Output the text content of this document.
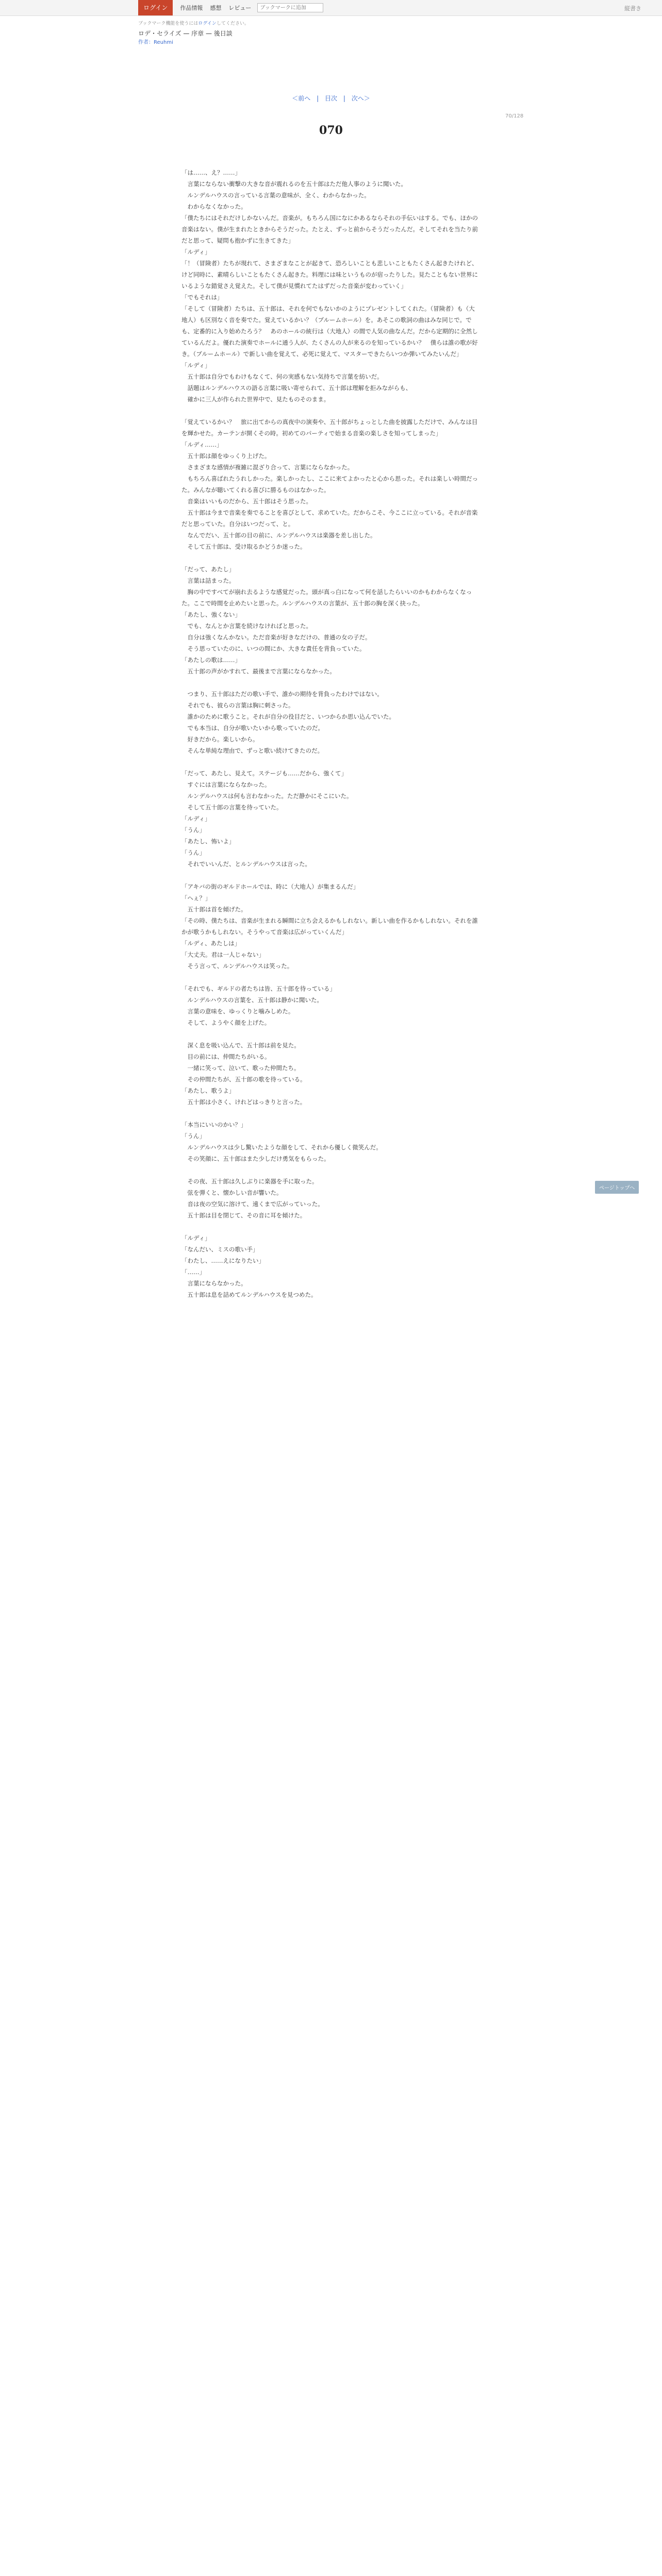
ログイン	作品情報 感想 レビュー
ブックマークに追加	縦書き
ブックマーク機能を使うにはログインしてください。
ロデ・セライズ — 序章 — 後日談
作者：Reuhmi
＜前へ | 目次 | 次へ＞
70/128
070

「は……、え？……」

　言葉にならない衝撃の大きな音が震れるのを五十郎はただ他人事のように聞いた。

　ルンデルハウスの言っている言葉の意味が、全く、わからなかった。

　わからなくなかった。

「僕たちにはそれだけしかないんだ。音楽が。もちろん国になにかあるならそれの手伝いはする。でも、ほかの音楽はない。僕が生まれたときからそうだった。たとえ、ずっと前からそうだったんだ。そしてそれを当たり前だと思って、疑問も抱かずに生きてきた」

「ルディ」

「！（冒険者）たちが現れて、さまざまなことが起きて、恐ろしいことも悲しいこともたくさん起きたけれど、けど同時に、素晴らしいこともたくさん起きた。料理には味というものが宿ったりした。見たこともない世界にいるような錯覚さえ覚えた。そして僕が見慣れてたはずだった音楽が変わっていく」

「でもそれは」

「そして（冒険者）たちは、五十郎は、それを何でもないかのようにプレゼントしてくれた。（冒険者）も（大地人）も区別なく音を奏でた。覚えているかい？（ブルームホール）を。あそこの歌詞の曲はみな同じで。でも、定番的に入り始めたろう？　あのホールの統行は（大地人）の間で人気の曲なんだ。だから定期的に全然しているんだよ。優れた演奏でホールに通う人が、たくさんの人が来るのを知っているかい？　僕らは誰の歌が好き。（ブルームホール）で新しい曲を覚えて、必死に覚えて、マスターできたらいつか弾いてみたいんだ」

「ルディ」

　五十郎は自分でもわけもなくて、何の実感もない気持ちで言葉を紡いだ。

　話題はルンデルハウスの語る言葉に吸い寄せられて、五十郎は理解を拒みながらも、

　確かに三人が作られた世界中で、見たものそのまま。

「覚えているかい？　旅に出てからの真夜中の演奏や、五十郎がちょっとした曲を披露しただけで、みんなは目を輝かせた。カーテンが開くその時。初めてのパーティで始まる音楽の楽しさを知ってしまった」

「ルディ……」

　五十郎は顔をゆっくり上げた。

　さまざまな感情が複雑に混ざり合って、言葉にならなかった。

　もちろん喜ばれたうれしかった。楽しかったし、ここに来てよかったと心から思った。それは楽しい時間だった。みんなが聴いてくれる喜びに勝るものはなかった。

　音楽はいいものだから、五十郎はそう思った。

　五十郎は今まで音楽を奏でることを喜びとして、求めていた。だからこそ、今ここに立っている。それが音楽だと思っていた。自分はいつだって、と。

　なんでだい、五十郎の目の前に、ルンデルハウスは楽器を差し出した。

　そして五十郎は、受け取るかどうか迷った。

「だって、あたし」

　言葉は詰まった。

　胸の中ですべてが崩れ去るような感覚だった。頭が真っ白になって何を話したらいいのかもわからなくなった。ここで時間を止めたいと思った。ルンデルハウスの言葉が、五十郎の胸を深く抉った。

「あたし、強くない」

　でも、なんとか言葉を続けなければと思った。

　自分は強くなんかない。ただ音楽が好きなだけの、普通の女の子だ。

　そう思っていたのに、いつの間にか、大きな責任を背負っていた。

「あたしの歌は……」

　五十郎の声がかすれて、最後まで言葉にならなかった。

　つまり、五十郎はただの歌い手で、誰かの期待を背負ったわけではない。

　それでも、彼らの言葉は胸に刺さった。

　誰かのために歌うこと。それが自分の役目だと、いつからか思い込んでいた。

　でも本当は、自分が歌いたいから歌っていたのだ。

　好きだから。楽しいから。

　そんな単純な理由で、ずっと歌い続けてきたのだ。

「だって、あたし、見えて。ステージも……だから、強くて」

　すぐには言葉にならなかった。

　ルンデルハウスは何も言わなかった。ただ静かにそこにいた。

　そして五十郎の言葉を待っていた。

「ルディ」

「うん」

「あたし、怖いよ」

「うん」

　それでいいんだ、とルンデルハウスは言った。

「アキバの街のギルドホールでは、時に（大地人）が集まるんだ」

「へぇ？」

　五十郎は首を傾げた。

「その時、僕たちは、音楽が生まれる瞬間に立ち会えるかもしれない。新しい曲を作るかもしれない。それを誰かが歌うかもしれない。そうやって音楽は広がっていくんだ」

「ルディ、あたしは」

「大丈夫。君は一人じゃない」

　そう言って、ルンデルハウスは笑った。

「それでも、ギルドの者たちは皆、五十郎を待っている」

　ルンデルハウスの言葉を、五十郎は静かに聞いた。

　言葉の意味を、ゆっくりと噛みしめた。

　そして、ようやく顔を上げた。

　深く息を吸い込んで、五十郎は前を見た。

　目の前には、仲間たちがいる。

　一緒に笑って、泣いて、歌った仲間たち。

　その仲間たちが、五十郎の歌を待っている。

「あたし、歌うよ」

　五十郎は小さく、けれどはっきりと言った。

「本当にいいのかい？」

「うん」

　ルンデルハウスは少し驚いたような顔をして、それから優しく微笑んだ。

　その笑顔に、五十郎はまた少しだけ勇気をもらった。

　その夜、五十郎は久しぶりに楽器を手に取った。

　弦を弾くと、懐かしい音が響いた。

　音は夜の空気に溶けて、遠くまで広がっていった。

　五十郎は目を閉じて、その音に耳を傾けた。

「ルディ」

「なんだい、ミスの歌い手」

「わたし、……えになりたい」

「……」

　言葉にならなかった。

　五十郎は息を詰めてルンデルハウスを見つめた。

ページトップへ
